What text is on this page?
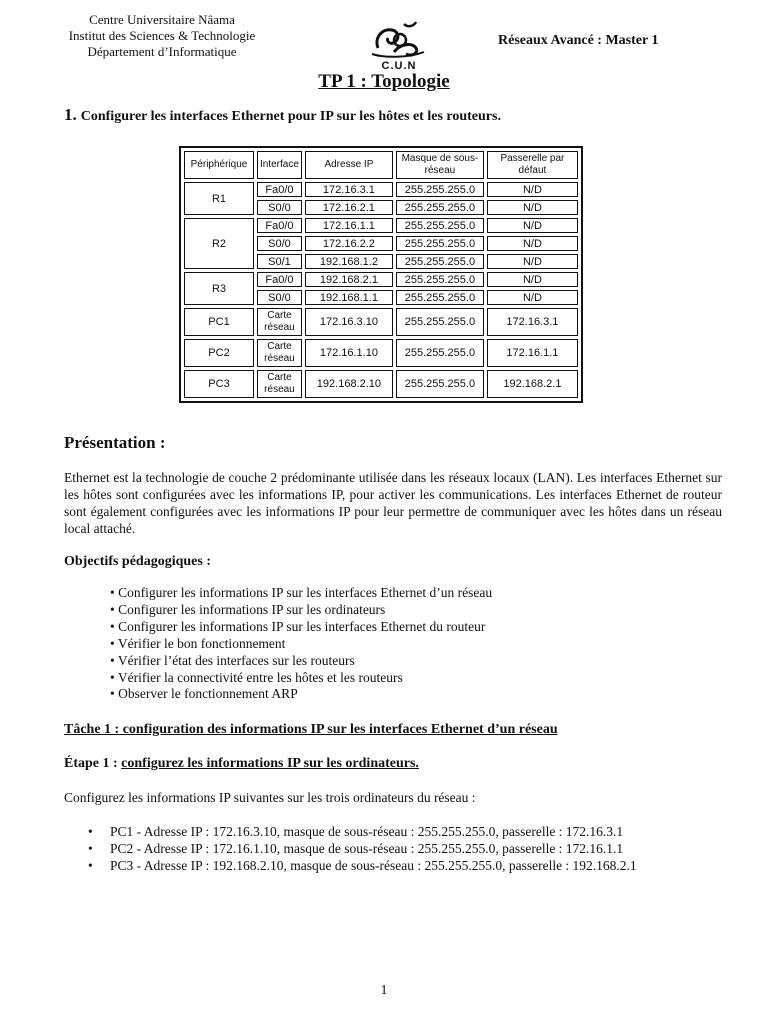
Centre Universitaire Nâama
Institut des Sciences & Technologie
Département d’Informatique
C.U.N
Réseaux Avancé : Master 1
TP 1 : Topologie
1. Configurer les interfaces Ethernet pour IP sur les hôtes et les routeurs.
Périphérique	Interface	Adresse IP	Masque de sous-réseau	Passerelle par défaut
R1	Fa0/0	172.16.3.1	255.255.255.0	N/D
	S0/0	172.16.2.1	255.255.255.0	N/D
R2	Fa0/0	172.16.1.1	255.255.255.0	N/D
	S0/0	172.16.2.2	255.255.255.0	N/D
	S0/1	192.168.1.2	255.255.255.0	N/D
R3	Fa0/0	192.168.2.1	255.255.255.0	N/D
	S0/0	192.168.1.1	255.255.255.0	N/D
PC1	Carte réseau	172.16.3.10	255.255.255.0	172.16.3.1
PC2	Carte réseau	172.16.1.10	255.255.255.0	172.16.1.1
PC3	Carte réseau	192.168.2.10	255.255.255.0	192.168.2.1
Présentation :
Ethernet est la technologie de couche 2 prédominante utilisée dans les réseaux locaux (LAN). Les interfaces Ethernet sur les hôtes sont configurées avec les informations IP, pour activer les communications. Les interfaces Ethernet de routeur sont également configurées avec les informations IP pour leur permettre de communiquer avec les hôtes dans un réseau local attaché.
Objectifs pédagogiques :
• Configurer les informations IP sur les interfaces Ethernet d’un réseau
• Configurer les informations IP sur les ordinateurs
• Configurer les informations IP sur les interfaces Ethernet du routeur
• Vérifier le bon fonctionnement
• Vérifier l’état des interfaces sur les routeurs
• Vérifier la connectivité entre les hôtes et les routeurs
• Observer le fonctionnement ARP
Tâche 1 : configuration des informations IP sur les interfaces Ethernet d’un réseau
Étape 1 : configurez les informations IP sur les ordinateurs.
Configurez les informations IP suivantes sur les trois ordinateurs du réseau :
• PC1 - Adresse IP : 172.16.3.10, masque de sous-réseau : 255.255.255.0, passerelle : 172.16.3.1
• PC2 - Adresse IP : 172.16.1.10, masque de sous-réseau : 255.255.255.0, passerelle : 172.16.1.1
• PC3 - Adresse IP : 192.168.2.10, masque de sous-réseau : 255.255.255.0, passerelle : 192.168.2.1
1
